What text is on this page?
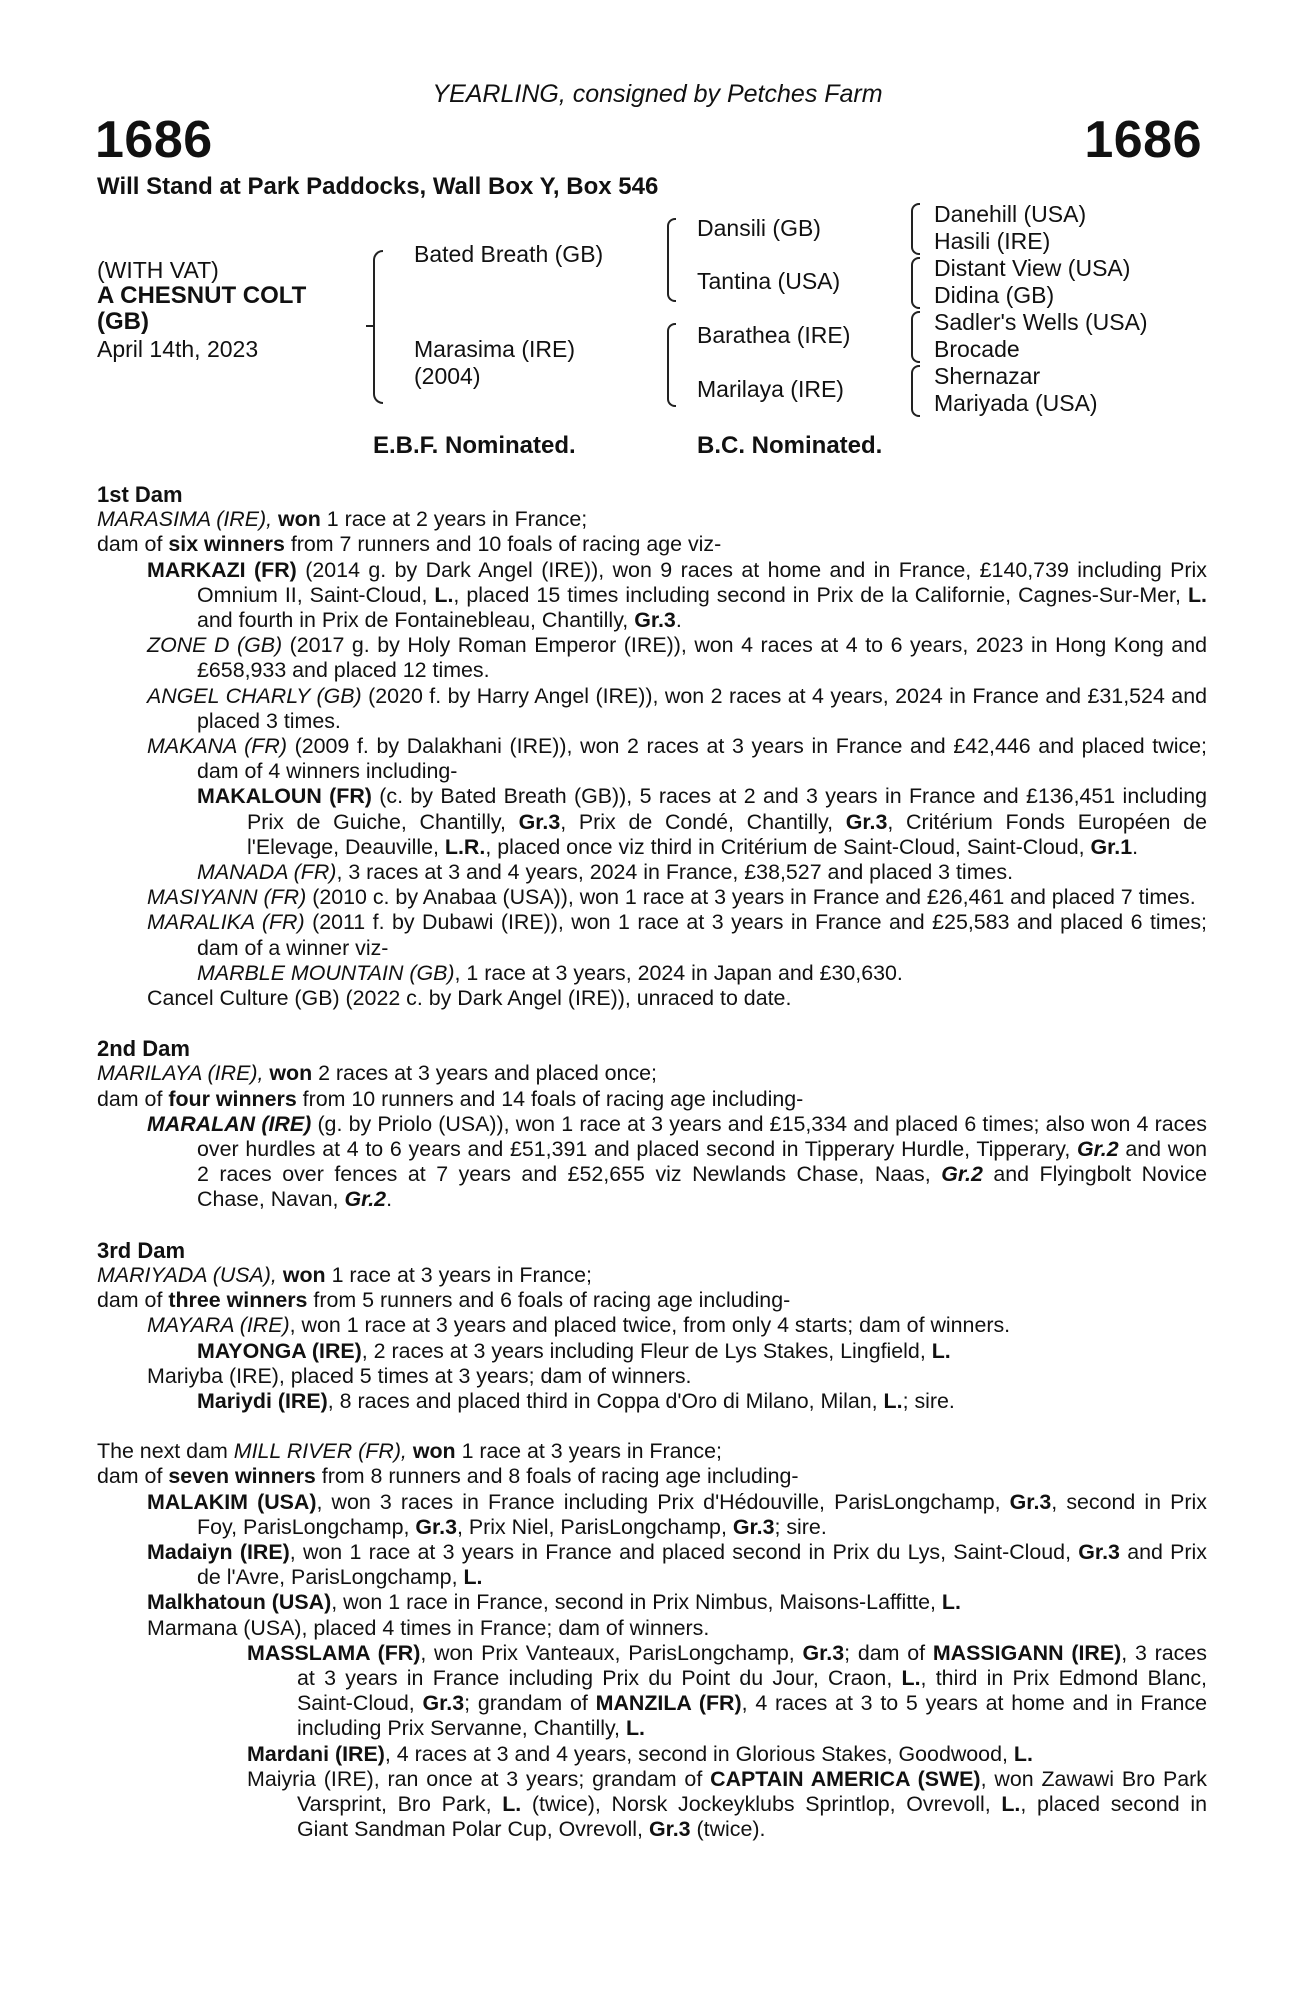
YEARLING, consigned by Petches Farm
1686	1686
Will Stand at Park Paddocks, Wall Box Y, Box 546
(WITH VAT)
A CHESNUT COLT
(GB)
April 14th, 2023
Bated Breath (GB)
Marasima (IRE)
(2004)
Dansili (GB)
Tantina (USA)
Barathea (IRE)
Marilaya (IRE)
Danehill (USA)
Hasili (IRE)
Distant View (USA)
Didina (GB)
Sadler's Wells (USA)
Brocade
Shernazar
Mariyada (USA)
E.B.F. Nominated.	B.C. Nominated.

1st Dam

MARASIMA (IRE), won 1 race at 2 years in France;

dam of six winners from 7 runners and 10 foals of racing age viz-

MARKAZI (FR) (2014 g. by Dark Angel (IRE)), won 9 races at home and in France, £140,739 including Prix Omnium II, Saint-Cloud, L., placed 15 times including second in Prix de la Californie, Cagnes-Sur-Mer, L. and fourth in Prix de Fontainebleau, Chantilly, Gr.3.

ZONE D (GB) (2017 g. by Holy Roman Emperor (IRE)), won 4 races at 4 to 6 years, 2023 in Hong Kong and £658,933 and placed 12 times.

ANGEL CHARLY (GB) (2020 f. by Harry Angel (IRE)), won 2 races at 4 years, 2024 in France and £31,524 and placed 3 times.

MAKANA (FR) (2009 f. by Dalakhani (IRE)), won 2 races at 3 years in France and £42,446 and placed twice; dam of 4 winners including-

MAKALOUN (FR) (c. by Bated Breath (GB)), 5 races at 2 and 3 years in France and £136,451 including Prix de Guiche, Chantilly, Gr.3, Prix de Condé, Chantilly, Gr.3, Critérium Fonds Européen de l'Elevage, Deauville, L.R., placed once viz third in Critérium de Saint-Cloud, Saint-Cloud, Gr.1.

MANADA (FR), 3 races at 3 and 4 years, 2024 in France, £38,527 and placed 3 times.

MASIYANN (FR) (2010 c. by Anabaa (USA)), won 1 race at 3 years in France and £26,461 and placed 7 times.

MARALIKA (FR) (2011 f. by Dubawi (IRE)), won 1 race at 3 years in France and £25,583 and placed 6 times; dam of a winner viz-

MARBLE MOUNTAIN (GB), 1 race at 3 years, 2024 in Japan and £30,630.

Cancel Culture (GB) (2022 c. by Dark Angel (IRE)), unraced to date.

2nd Dam

MARILAYA (IRE), won 2 races at 3 years and placed once;

dam of four winners from 10 runners and 14 foals of racing age including-

MARALAN (IRE) (g. by Priolo (USA)), won 1 race at 3 years and £15,334 and placed 6 times; also won 4 races over hurdles at 4 to 6 years and £51,391 and placed second in Tipperary Hurdle, Tipperary, Gr.2 and won 2 races over fences at 7 years and £52,655 viz Newlands Chase, Naas, Gr.2 and Flyingbolt Novice Chase, Navan, Gr.2.

3rd Dam

MARIYADA (USA), won 1 race at 3 years in France;

dam of three winners from 5 runners and 6 foals of racing age including-

MAYARA (IRE), won 1 race at 3 years and placed twice, from only 4 starts; dam of winners.

MAYONGA (IRE), 2 races at 3 years including Fleur de Lys Stakes, Lingfield, L.

Mariyba (IRE), placed 5 times at 3 years; dam of winners.

Mariydi (IRE), 8 races and placed third in Coppa d'Oro di Milano, Milan, L.; sire.

The next dam MILL RIVER (FR), won 1 race at 3 years in France;

dam of seven winners from 8 runners and 8 foals of racing age including-

MALAKIM (USA), won 3 races in France including Prix d'Hédouville, ParisLongchamp, Gr.3, second in Prix Foy, ParisLongchamp, Gr.3, Prix Niel, ParisLongchamp, Gr.3; sire.

Madaiyn (IRE), won 1 race at 3 years in France and placed second in Prix du Lys, Saint-Cloud, Gr.3 and Prix de l'Avre, ParisLongchamp, L.

Malkhatoun (USA), won 1 race in France, second in Prix Nimbus, Maisons-Laffitte, L.

Marmana (USA), placed 4 times in France; dam of winners.

MASSLAMA (FR), won Prix Vanteaux, ParisLongchamp, Gr.3; dam of MASSIGANN (IRE), 3 races at 3 years in France including Prix du Point du Jour, Craon, L., third in Prix Edmond Blanc, Saint-Cloud, Gr.3; grandam of MANZILA (FR), 4 races at 3 to 5 years at home and in France including Prix Servanne, Chantilly, L.

Mardani (IRE), 4 races at 3 and 4 years, second in Glorious Stakes, Goodwood, L.

Maiyria (IRE), ran once at 3 years; grandam of CAPTAIN AMERICA (SWE), won Zawawi Bro Park Varsprint, Bro Park, L. (twice), Norsk Jockeyklubs Sprintlop, Ovrevoll, L., placed second in Giant Sandman Polar Cup, Ovrevoll, Gr.3 (twice).
